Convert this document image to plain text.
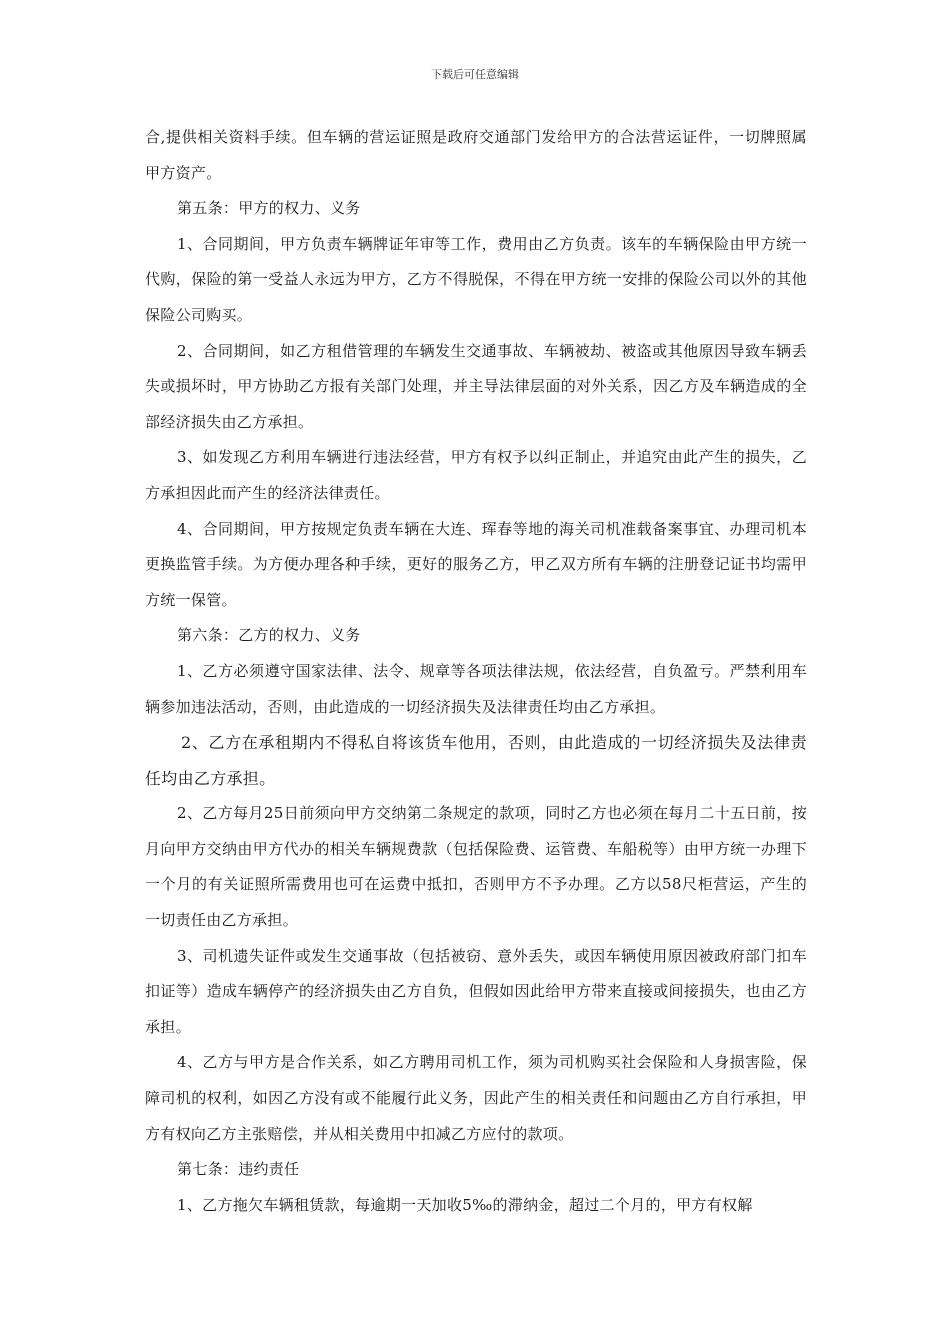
下载后可任意编辑

合,提供相关资料手续。但车辆的营运证照是政府交通部门发给甲方的合法营运证件，一切牌照属甲方资产。

第五条：甲方的权力、义务

1、合同期间，甲方负责车辆牌证年审等工作，费用由乙方负责。该车的车辆保险由甲方统一代购，保险的第一受益人永远为甲方，乙方不得脱保，不得在甲方统一安排的保险公司以外的其他保险公司购买。

2、合同期间，如乙方租借管理的车辆发生交通事故、车辆被劫、被盗或其他原因导致车辆丢失或损坏时，甲方协助乙方报有关部门处理，并主导法律层面的对外关系，因乙方及车辆造成的全部经济损失由乙方承担。

3、如发现乙方利用车辆进行违法经营，甲方有权予以纠正制止，并追究由此产生的损失，乙方承担因此而产生的经济法律责任。

4、合同期间，甲方按规定负责车辆在大连、珲春等地的海关司机准载备案事宜、办理司机本更换监管手续。为方便办理各种手续，更好的服务乙方，甲乙双方所有车辆的注册登记证书均需甲方统一保管。

第六条：乙方的权力、义务

1、乙方必须遵守国家法律、法令、规章等各项法律法规，依法经营，自负盈亏。严禁利用车辆参加违法活动，否则，由此造成的一切经济损失及法律责任均由乙方承担。

2、乙方在承租期内不得私自将该货车他用，否则，由此造成的一切经济损失及法律责任均由乙方承担。

2、乙方每月25日前须向甲方交纳第二条规定的款项，同时乙方也必须在每月二十五日前，按月向甲方交纳由甲方代办的相关车辆规费款（包括保险费、运管费、车船税等）由甲方统一办理下一个月的有关证照所需费用也可在运费中抵扣，否则甲方不予办理。乙方以58尺柜营运，产生的一切责任由乙方承担。

3、司机遗失证件或发生交通事故（包括被窃、意外丢失，或因车辆使用原因被政府部门扣车扣证等）造成车辆停产的经济损失由乙方自负，但假如因此给甲方带来直接或间接损失，也由乙方承担。

4、乙方与甲方是合作关系，如乙方聘用司机工作，须为司机购买社会保险和人身损害险，保障司机的权利，如因乙方没有或不能履行此义务，因此产生的相关责任和问题由乙方自行承担，甲方有权向乙方主张赔偿，并从相关费用中扣减乙方应付的款项。

第七条：违约责任

1、乙方拖欠车辆租赁款，每逾期一天加收5‰的滞纳金，超过二个月的，甲方有权解
